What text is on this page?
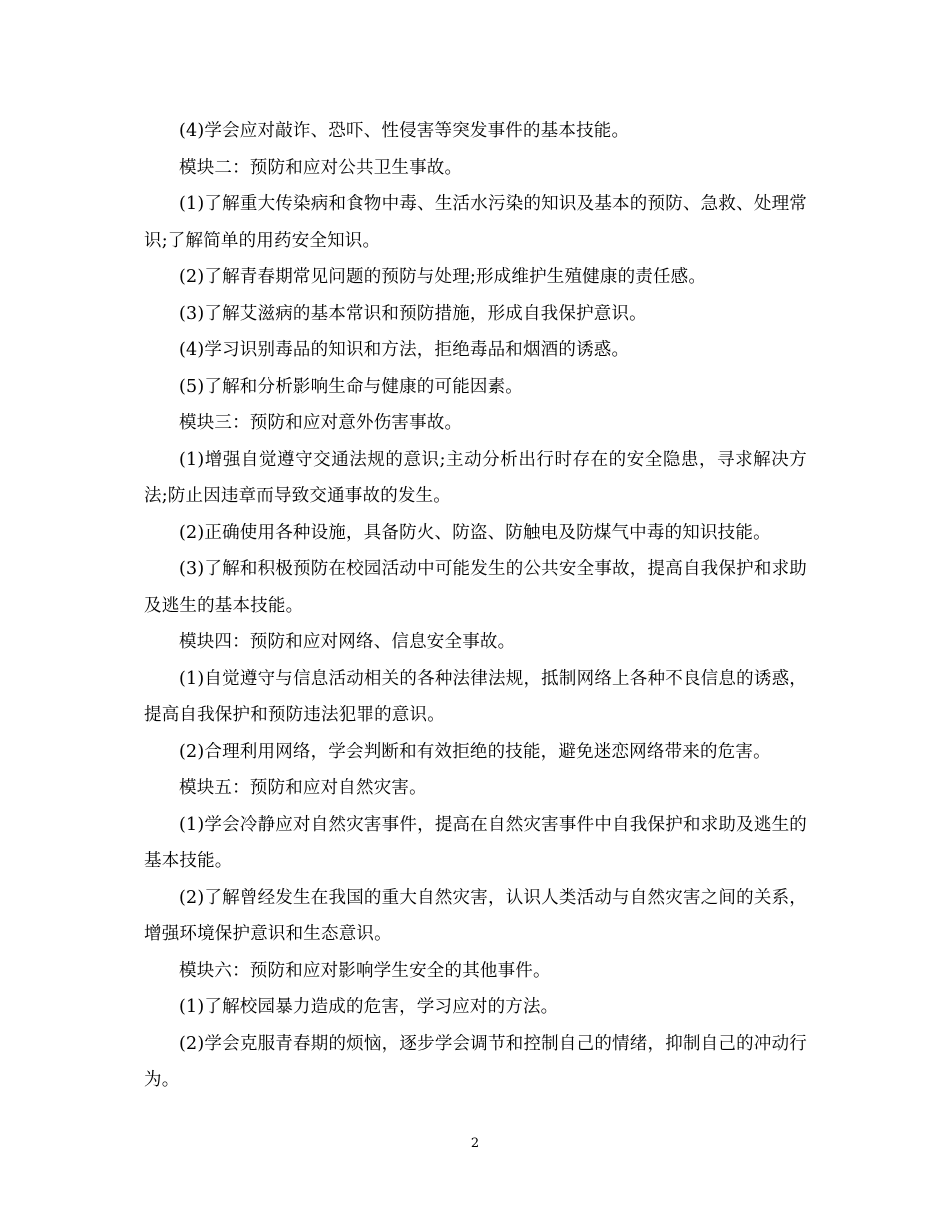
(4)学会应对敲诈、恐吓、性侵害等突发事件的基本技能。

模块二：预防和应对公共卫生事故。

(1)了解重大传染病和食物中毒、生活水污染的知识及基本的预防、急救、处理常识;了解简单的用药安全知识。

(2)了解青春期常见问题的预防与处理;形成维护生殖健康的责任感。

(3)了解艾滋病的基本常识和预防措施，形成自我保护意识。

(4)学习识别毒品的知识和方法，拒绝毒品和烟酒的诱惑。

(5)了解和分析影响生命与健康的可能因素。

模块三：预防和应对意外伤害事故。

(1)增强自觉遵守交通法规的意识;主动分析出行时存在的安全隐患，寻求解决方法;防止因违章而导致交通事故的发生。

(2)正确使用各种设施，具备防火、防盗、防触电及防煤气中毒的知识技能。

(3)了解和积极预防在校园活动中可能发生的公共安全事故，提高自我保护和求助及逃生的基本技能。

模块四：预防和应对网络、信息安全事故。

(1)自觉遵守与信息活动相关的各种法律法规，抵制网络上各种不良信息的诱惑，提高自我保护和预防违法犯罪的意识。

(2)合理利用网络，学会判断和有效拒绝的技能，避免迷恋网络带来的危害。

模块五：预防和应对自然灾害。

(1)学会冷静应对自然灾害事件，提高在自然灾害事件中自我保护和求助及逃生的基本技能。

(2)了解曾经发生在我国的重大自然灾害，认识人类活动与自然灾害之间的关系，增强环境保护意识和生态意识。

模块六：预防和应对影响学生安全的其他事件。

(1)了解校园暴力造成的危害，学习应对的方法。

(2)学会克服青春期的烦恼，逐步学会调节和控制自己的情绪，抑制自己的冲动行为。

2
